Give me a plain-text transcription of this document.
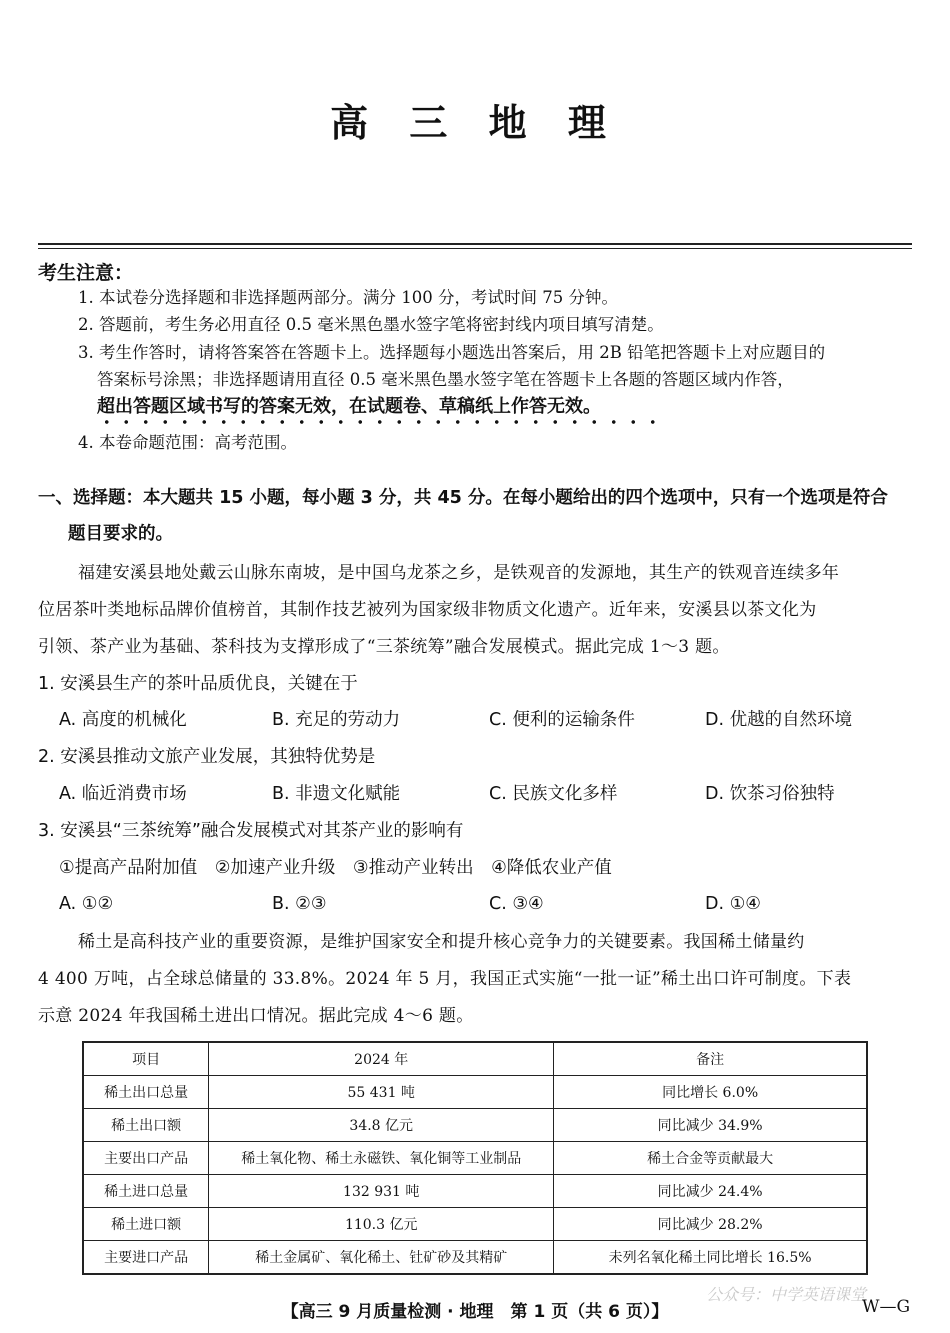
高 三 地 理
考生注意：
1. 本试卷分选择题和非选择题两部分。满分 100 分，考试时间 75 分钟。
2. 答题前，考生务必用直径 0.5 毫米黑色墨水签字笔将密封线内项目填写清楚。
3. 考生作答时，请将答案答在答题卡上。选择题每小题选出答案后，用 2B 铅笔把答题卡上对应题目的
答案标号涂黑；非选择题请用直径 0.5 毫米黑色墨水签字笔在答题卡上各题的答题区域内作答，
超出答题区域书写的答案无效，在试题卷、草稿纸上作答无效。
4. 本卷命题范围：高考范围。
一、选择题：本大题共 15 小题，每小题 3 分，共 45 分。在每小题给出的四个选项中，只有一个选项是符合
题目要求的。
福建安溪县地处戴云山脉东南坡，是中国乌龙茶之乡，是铁观音的发源地，其生产的铁观音连续多年
位居茶叶类地标品牌价值榜首，其制作技艺被列为国家级非物质文化遗产。近年来，安溪县以茶文化为
引领、茶产业为基础、茶科技为支撑形成了“三茶统筹”融合发展模式。据此完成 1～3 题。
1. 安溪县生产的茶叶品质优良，关键在于
A. 高度的机械化	B. 充足的劳动力	C. 便利的运输条件	D. 优越的自然环境
2. 安溪县推动文旅产业发展，其独特优势是
A. 临近消费市场	B. 非遗文化赋能	C. 民族文化多样	D. 饮茶习俗独特
3. 安溪县“三茶统筹”融合发展模式对其茶产业的影响有
①提高产品附加值　②加速产业升级　③推动产业转出　④降低农业产值
A. ①②	B. ②③	C. ③④	D. ①④
稀土是高科技产业的重要资源，是维护国家安全和提升核心竞争力的关键要素。我国稀土储量约
4 400 万吨，占全球总储量的 33.8%。2024 年 5 月，我国正式实施“一批一证”稀土出口许可制度。下表
示意 2024 年我国稀土进出口情况。据此完成 4～6 题。
项目	2024 年	备注
稀土出口总量	55 431 吨	同比增长 6.0%
稀土出口额	34.8 亿元	同比减少 34.9%
主要出口产品	稀土氧化物、稀土永磁铁、氧化铜等工业制品	稀土合金等贡献最大
稀土进口总量	132 931 吨	同比减少 24.4%
稀土进口额	110.3 亿元	同比减少 28.2%
主要进口产品	稀土金属矿、氧化稀土、钍矿砂及其精矿	未列名氧化稀土同比增长 16.5%
公众号：中学英语课堂
【高三 9 月质量检测 · 地理　第 1 页（共 6 页）】	W—G
